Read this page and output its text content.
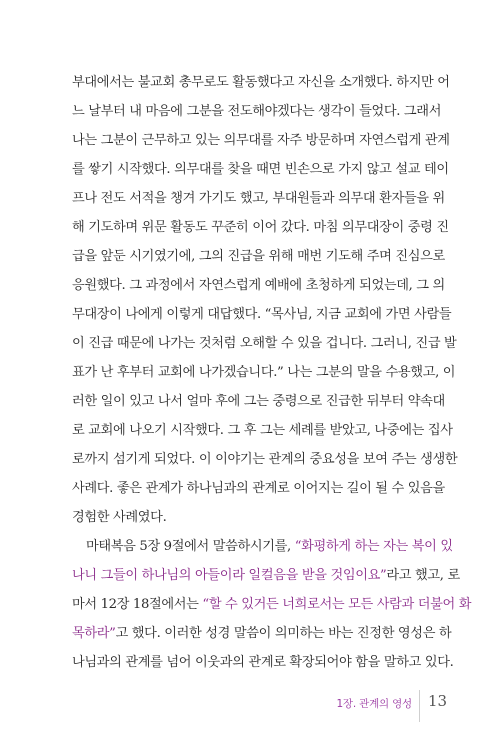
부대에서는 불교회 총무로도 활동했다고 자신을 소개했다. 하지만 어
느 날부터 내 마음에 그분을 전도해야겠다는 생각이 들었다. 그래서
나는 그분이 근무하고 있는 의무대를 자주 방문하며 자연스럽게 관계
를 쌓기 시작했다. 의무대를 찾을 때면 빈손으로 가지 않고 설교 테이
프나 전도 서적을 챙겨 가기도 했고, 부대원들과 의무대 환자들을 위
해 기도하며 위문 활동도 꾸준히 이어 갔다. 마침 의무대장이 중령 진
급을 앞둔 시기였기에, 그의 진급을 위해 매번 기도해 주며 진심으로
응원했다. 그 과정에서 자연스럽게 예배에 초청하게 되었는데, 그 의
무대장이 나에게 이렇게 대답했다. “목사님, 지금 교회에 가면 사람들
이 진급 때문에 나가는 것처럼 오해할 수 있을 겁니다. 그러니, 진급 발
표가 난 후부터 교회에 나가겠습니다.” 나는 그분의 말을 수용했고, 이
러한 일이 있고 나서 얼마 후에 그는 중령으로 진급한 뒤부터 약속대
로 교회에 나오기 시작했다. 그 후 그는 세례를 받았고, 나중에는 집사
로까지 섬기게 되었다. 이 이야기는 관계의 중요성을 보여 주는 생생한
사례다. 좋은 관계가 하나님과의 관계로 이어지는 길이 될 수 있음을
경험한 사례였다.
마태복음 5장 9절에서 말씀하시기를, “화평하게 하는 자는 복이 있
나니 그들이 하나님의 아들이라 일컬음을 받을 것임이요”라고 했고, 로
마서 12장 18절에서는 “할 수 있거든 너희로서는 모든 사람과 더불어 화
목하라”고 했다. 이러한 성경 말씀이 의미하는 바는 진정한 영성은 하
나님과의 관계를 넘어 이웃과의 관계로 확장되어야 함을 말하고 있다.
1장. 관계의 영성 13
